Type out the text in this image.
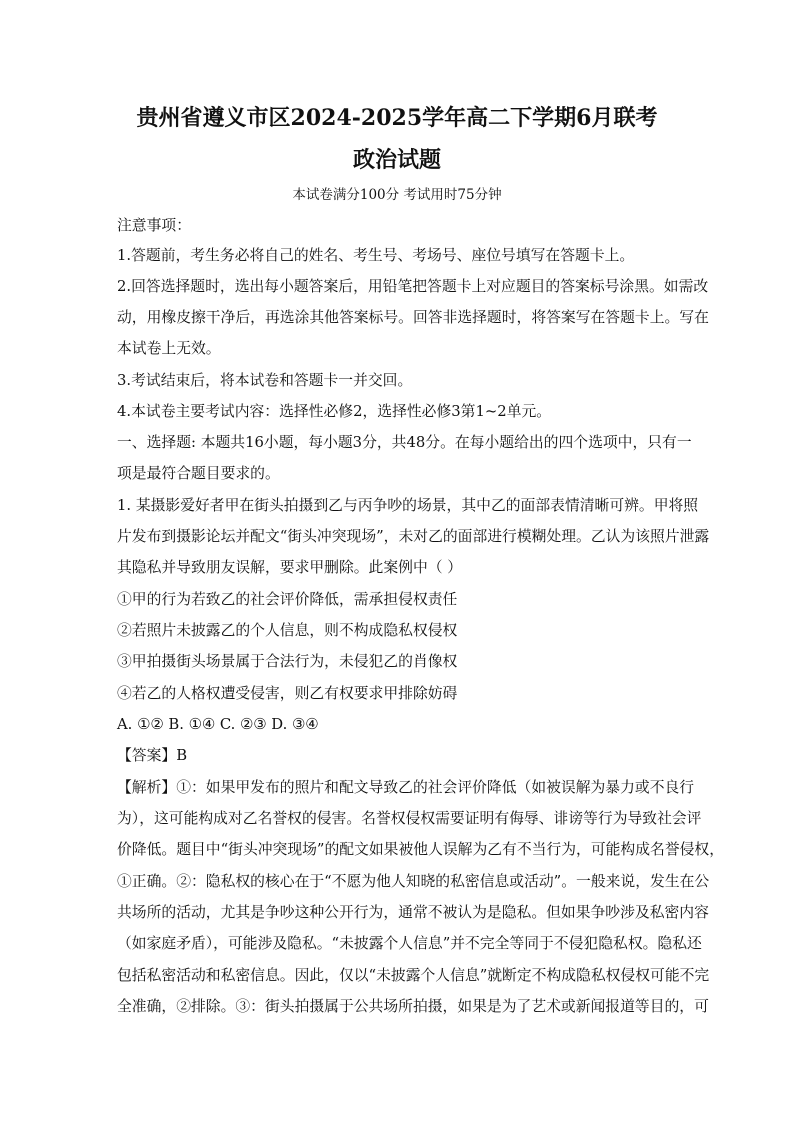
贵州省遵义市区2024-2025学年高二下学期6月联考
政治试题
本试卷满分100分 考试用时75分钟
注意事项：
1.答题前，考生务必将自己的姓名、考生号、考场号、座位号填写在答题卡上。
2.回答选择题时，选出每小题答案后，用铅笔把答题卡上对应题目的答案标号涂黑。如需改
动，用橡皮擦干净后，再选涂其他答案标号。回答非选择题时，将答案写在答题卡上。写在
本试卷上无效。
3.考试结束后，将本试卷和答题卡一并交回。
4.本试卷主要考试内容：选择性必修2，选择性必修3第1~2单元。
一、选择题: 本题共16小题，每小题3分，共48分。在每小题给出的四个选项中，只有一
项是最符合题目要求的。
1. 某摄影爱好者甲在街头拍摄到乙与丙争吵的场景，其中乙的面部表情清晰可辨。甲将照
片发布到摄影论坛并配文“街头冲突现场”，未对乙的面部进行模糊处理。乙认为该照片泄露
其隐私并导致朋友误解，要求甲删除。此案例中（ ）
①甲的行为若致乙的社会评价降低，需承担侵权责任
②若照片未披露乙的个人信息，则不构成隐私权侵权
③甲拍摄街头场景属于合法行为，未侵犯乙的肖像权
④若乙的人格权遭受侵害，则乙有权要求甲排除妨碍
A. ①② B. ①④ C. ②③ D. ③④
【答案】B
【解析】①：如果甲发布的照片和配文导致乙的社会评价降低（如被误解为暴力或不良行
为），这可能构成对乙名誉权的侵害。名誉权侵权需要证明有侮辱、诽谤等行为导致社会评
价降低。题目中“街头冲突现场”的配文如果被他人误解为乙有不当行为，可能构成名誉侵权，
①正确。②：隐私权的核心在于“不愿为他人知晓的私密信息或活动”。一般来说，发生在公
共场所的活动，尤其是争吵这种公开行为，通常不被认为是隐私。但如果争吵涉及私密内容
（如家庭矛盾），可能涉及隐私。“未披露个人信息”并不完全等同于不侵犯隐私权。隐私还
包括私密活动和私密信息。因此，仅以“未披露个人信息”就断定不构成隐私权侵权可能不完
全准确，②排除。③：街头拍摄属于公共场所拍摄，如果是为了艺术或新闻报道等目的，可
